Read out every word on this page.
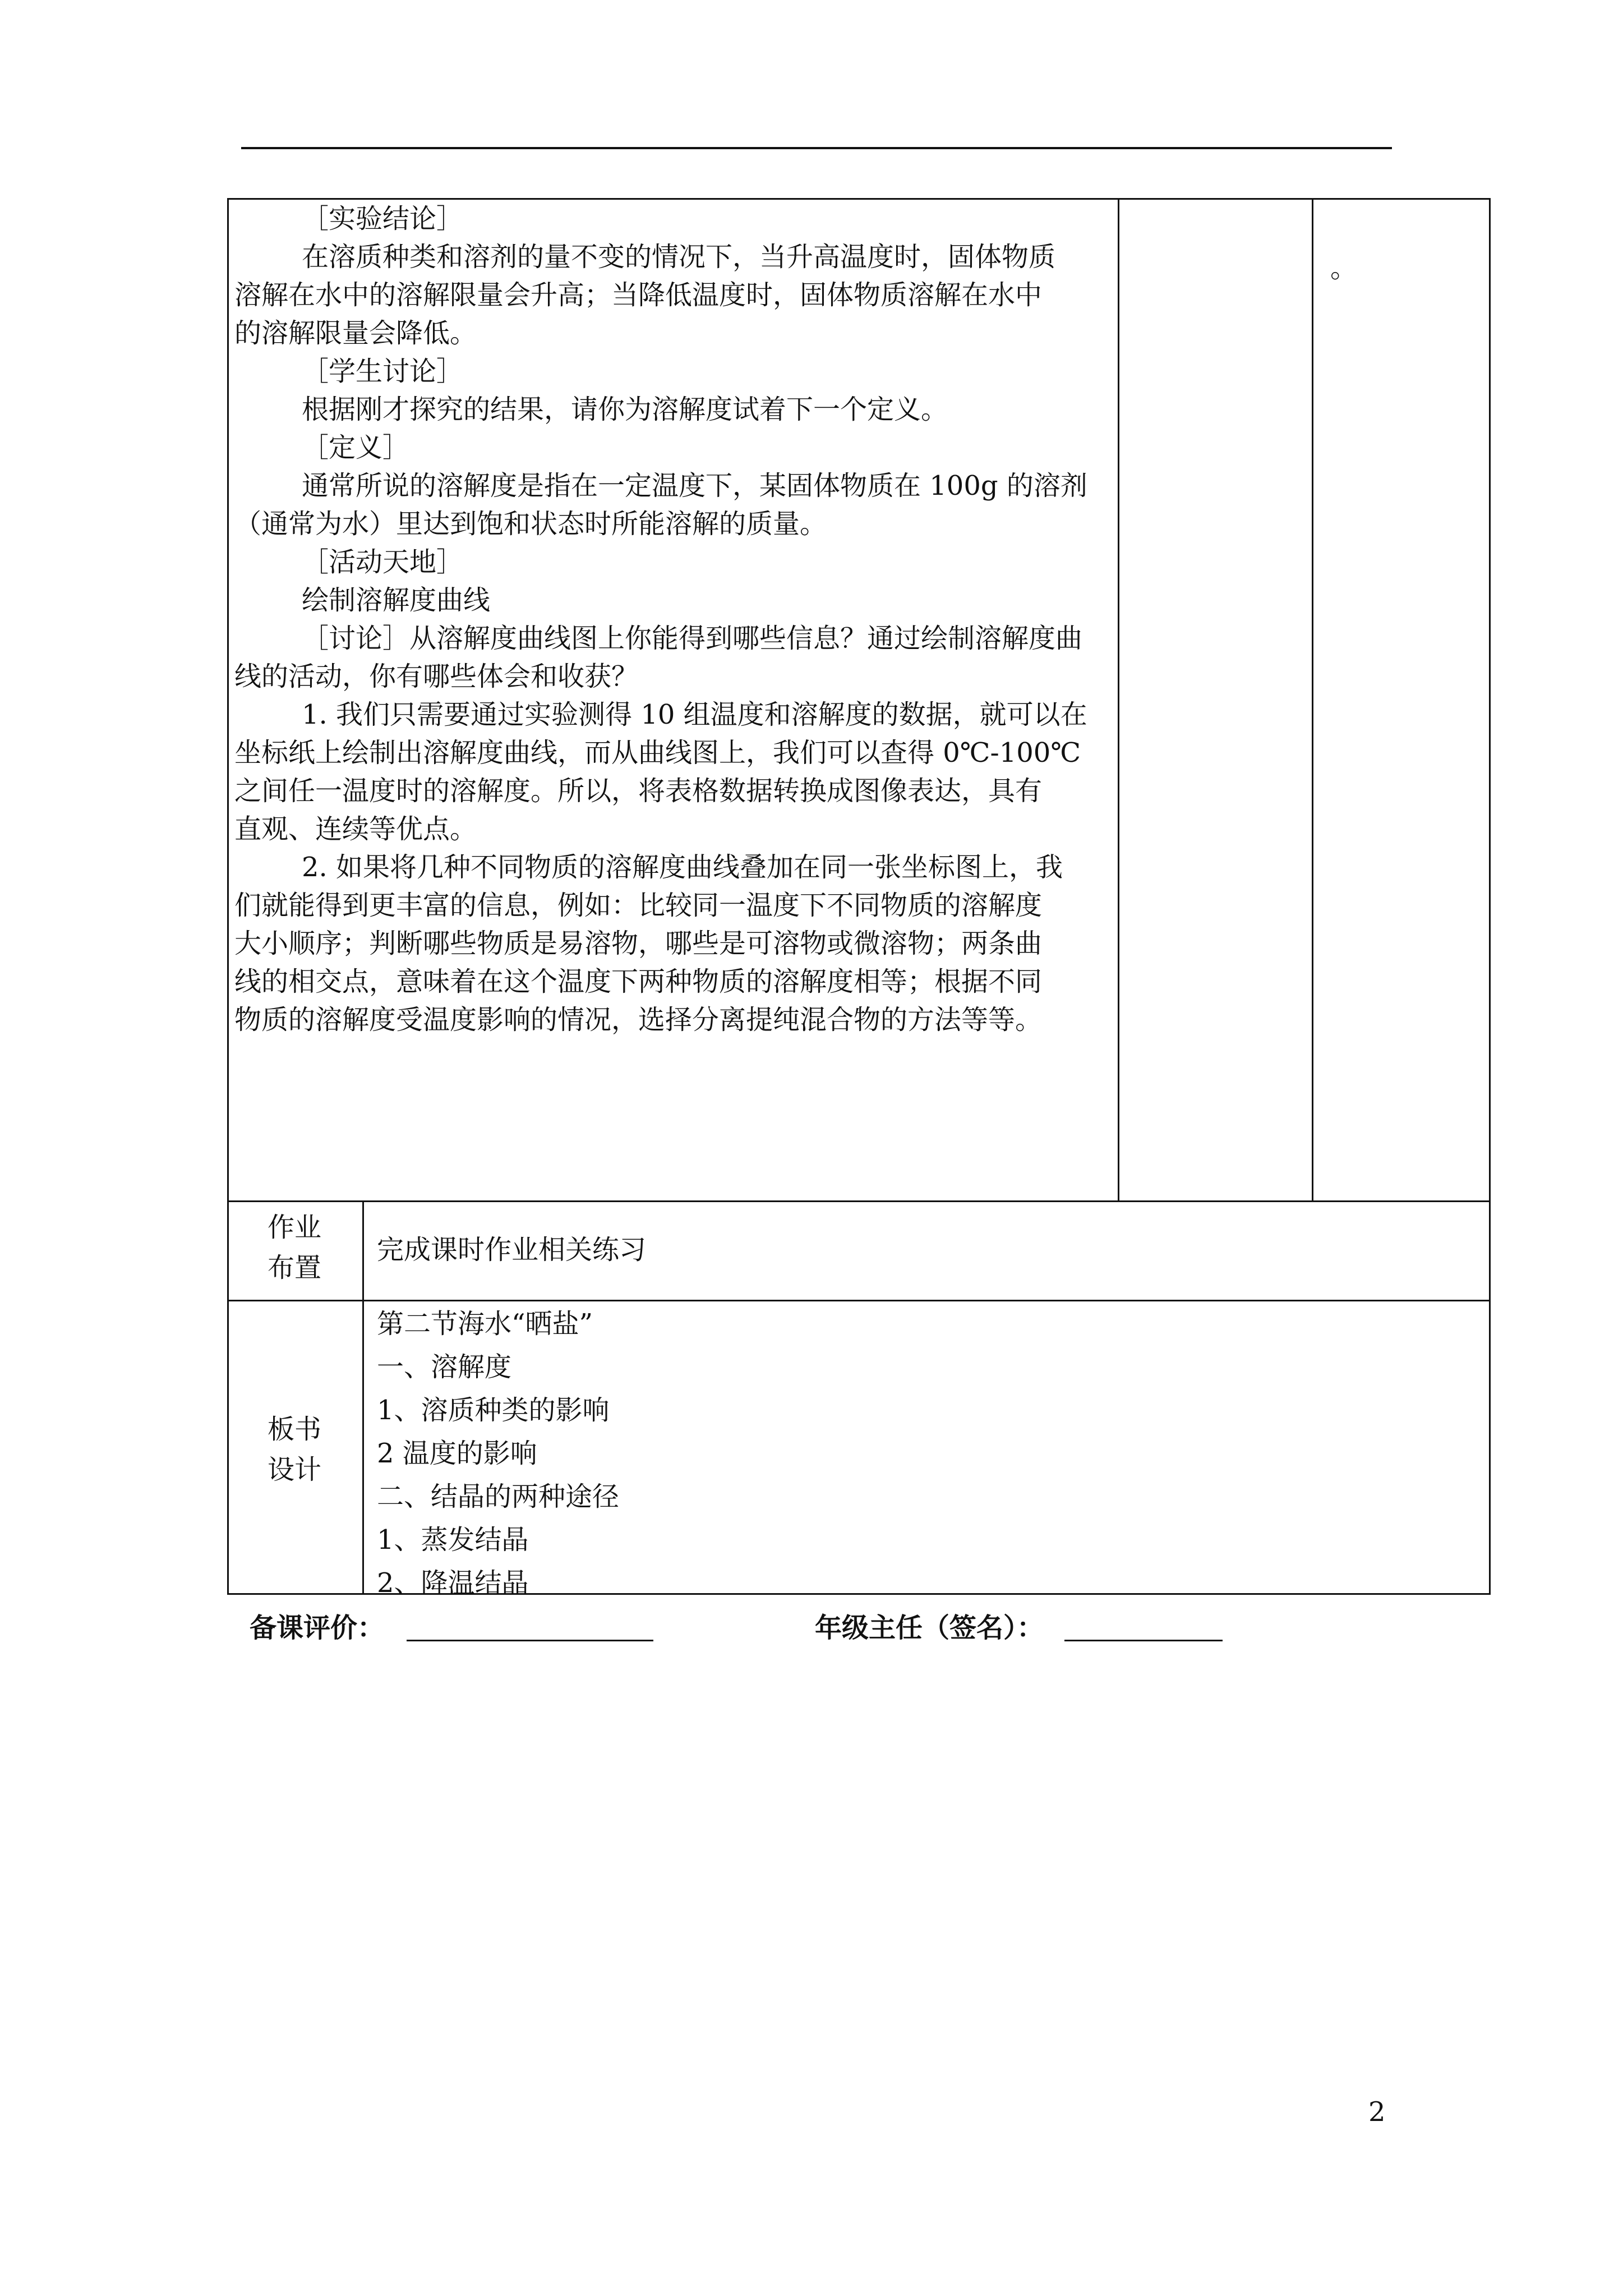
［实验结论］
在溶质种类和溶剂的量不变的情况下，当升高温度时，固体物质
溶解在水中的溶解限量会升高；当降低温度时，固体物质溶解在水中
的溶解限量会降低。
［学生讨论］
根据刚才探究的结果，请你为溶解度试着下一个定义。
［定义］
通常所说的溶解度是指在一定温度下，某固体物质在 100g 的溶剂
（通常为水）里达到饱和状态时所能溶解的质量。
［活动天地］
绘制溶解度曲线
［讨论］从溶解度曲线图上你能得到哪些信息？通过绘制溶解度曲
线的活动，你有哪些体会和收获？
1. 我们只需要通过实验测得 10 组温度和溶解度的数据，就可以在
坐标纸上绘制出溶解度曲线，而从曲线图上，我们可以查得 0℃-100℃
之间任一温度时的溶解度。所以，将表格数据转换成图像表达，具有
直观、连续等优点。
2. 如果将几种不同物质的溶解度曲线叠加在同一张坐标图上，我
们就能得到更丰富的信息，例如：比较同一温度下不同物质的溶解度
大小顺序；判断哪些物质是易溶物，哪些是可溶物或微溶物；两条曲
线的相交点，意味着在这个温度下两种物质的溶解度相等；根据不同
物质的溶解度受温度影响的情况，选择分离提纯混合物的方法等等。
。
作业
布置
完成课时作业相关练习
板书
设计
第二节海水“晒盐”
一、溶解度
1、溶质种类的影响
2 温度的影响
二、结晶的两种途径
1、蒸发结晶
2、降温结晶
备课评价：	年级主任（签名）：
2
